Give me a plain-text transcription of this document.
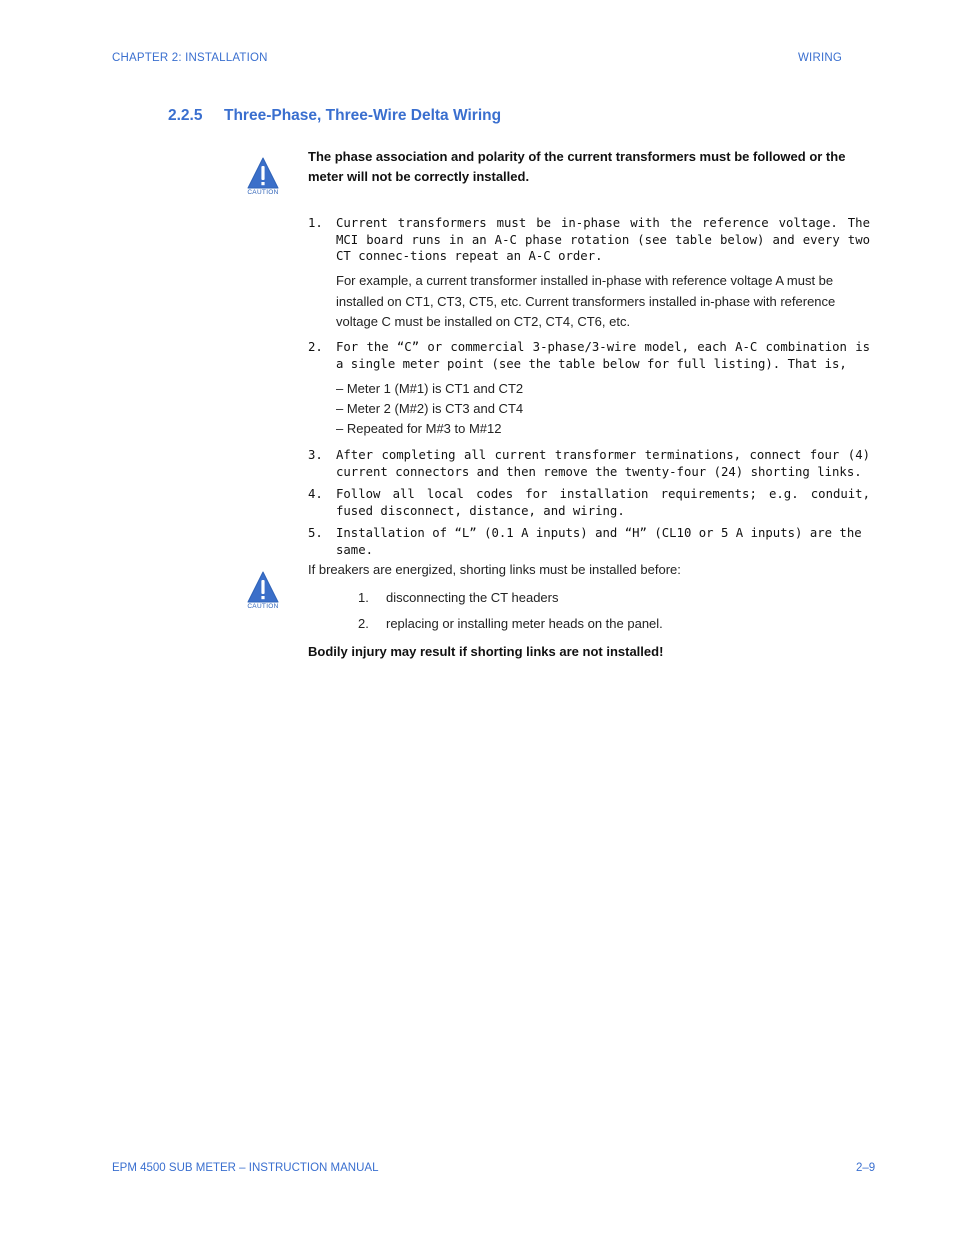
CHAPTER 2: INSTALLATION	WIRING
2.2.5 Three-Phase, Three-Wire Delta Wiring
CAUTION
The phase association and polarity of the current transformers must be followed or the meter will not be correctly installed.
1. Current transformers must be in-phase with the reference voltage. The MCI board runs in an A-C phase rotation (see table below) and every two CT connec-tions repeat an A-C order.
For example, a current transformer installed in-phase with reference voltage A must be installed on CT1, CT3, CT5, etc. Current transformers installed in-phase with reference voltage C must be installed on CT2, CT4, CT6, etc.
2. For the “C” or commercial 3-phase/3-wire model, each A-C combination is a single meter point (see the table below for full listing). That is,
– Meter 1 (M#1) is CT1 and CT2
– Meter 2 (M#2) is CT3 and CT4
– Repeated for M#3 to M#12
3. After completing all current transformer terminations, connect four (4) current connectors and then remove the twenty-four (24) shorting links.
4. Follow all local codes for installation requirements; e.g. conduit, fused disconnect, distance, and wiring.
5. Installation of “L” (0.1 A inputs) and “H” (CL10 or 5 A inputs) are the same.
CAUTION
If breakers are energized, shorting links must be installed before:
1. disconnecting the CT headers
2. replacing or installing meter heads on the panel.
Bodily injury may result if shorting links are not installed!
EPM 4500 SUB METER – INSTRUCTION MANUAL	2–9
